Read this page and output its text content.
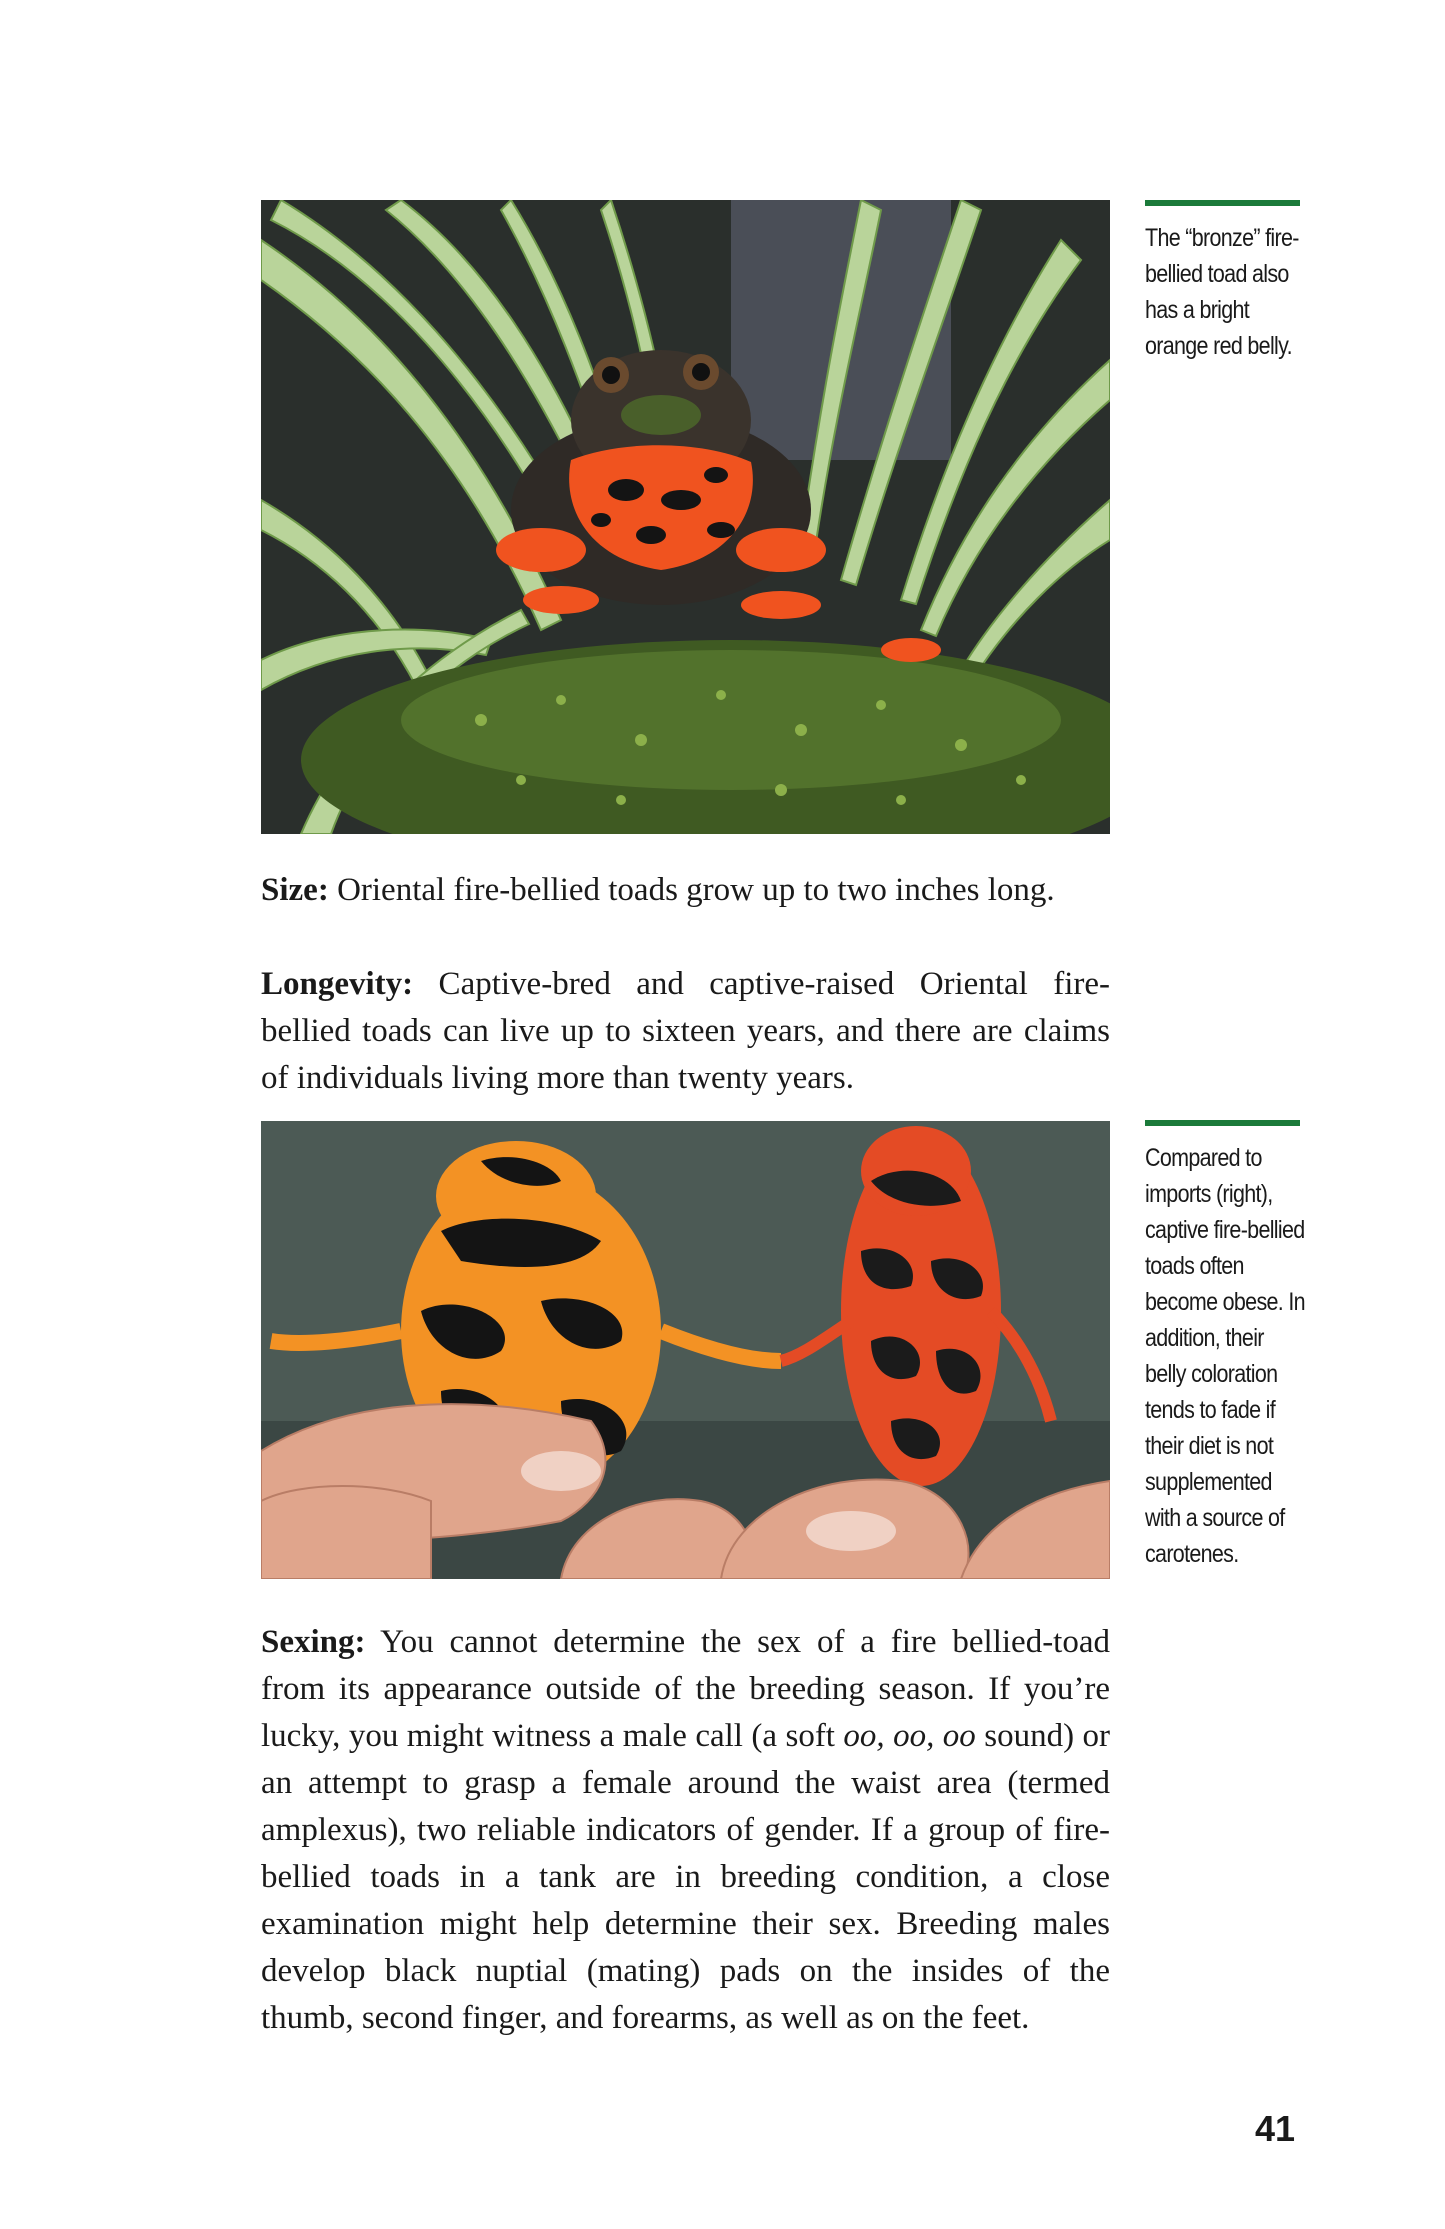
The “bronze” fire-bellied toad also has a bright orange red belly.

Size: Oriental fire-bellied toads grow up to two inches long.

Longevity: Captive-bred and captive-raised Oriental fire-bellied toads can live up to sixteen years, and there are claims of individuals living more than twenty years.

Compared to imports (right), captive fire-bellied toads often become obese. In addition, their belly coloration tends to fade if their diet is not supplemented with a source of carotenes.

Sexing: You cannot determine the sex of a fire bellied-toad from its appearance outside of the breeding season. If you’re lucky, you might witness a male call (a soft oo, oo, oo sound) or an attempt to grasp a female around the waist area (termed amplexus), two reliable indicators of gender. If a group of fire-bellied toads in a tank are in breeding condition, a close examination might help determine their sex. Breeding males develop black nuptial (mating) pads on the insides of the thumb, second finger, and forearms, as well as on the feet.

41
